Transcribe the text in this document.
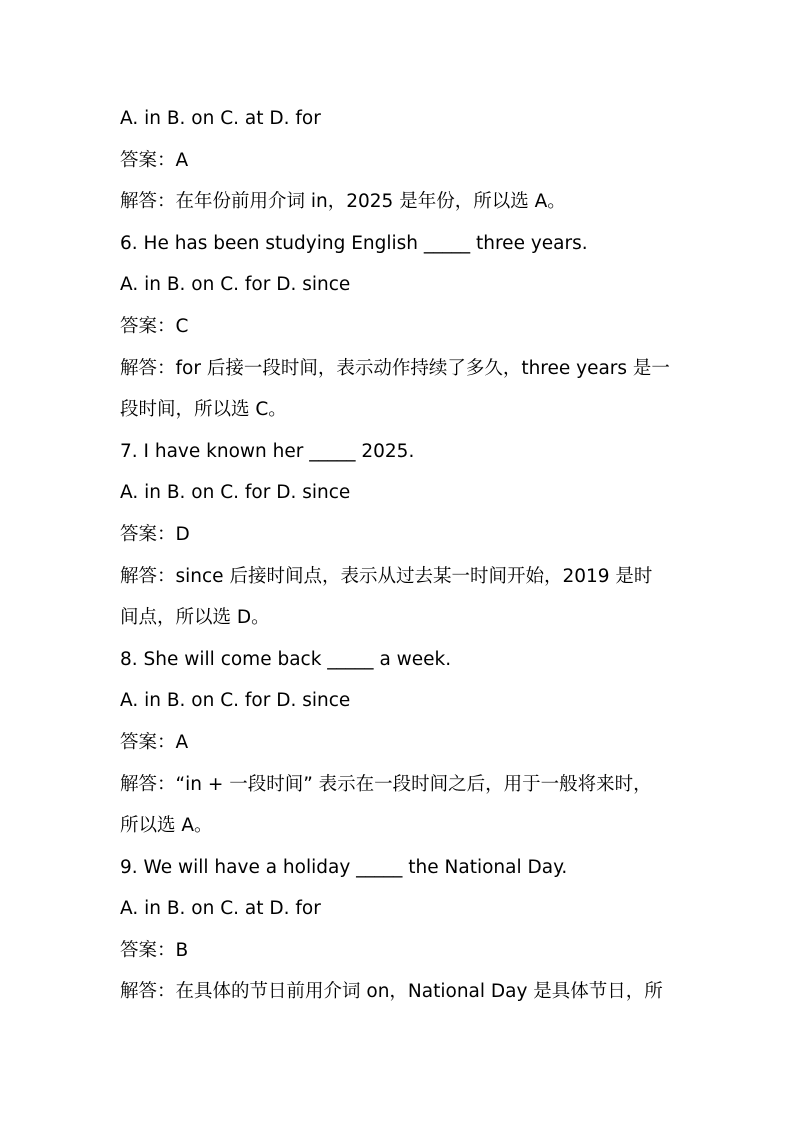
A. in B. on C. at D. for
答案：A
解答：在年份前用介词 in，2025 是年份，所以选 A。
6. He has been studying English _____ three years.
A. in B. on C. for D. since
答案：C
解答：for 后接一段时间，表示动作持续了多久，three years 是一
段时间，所以选 C。
7. I have known her _____ 2025.
A. in B. on C. for D. since
答案：D
解答：since 后接时间点，表示从过去某一时间开始，2019 是时
间点，所以选 D。
8. She will come back _____ a week.
A. in B. on C. for D. since
答案：A
解答：“in + 一段时间” 表示在一段时间之后，用于一般将来时，
所以选 A。
9. We will have a holiday _____ the National Day.
A. in B. on C. at D. for
答案：B
解答：在具体的节日前用介词 on，National Day 是具体节日，所
